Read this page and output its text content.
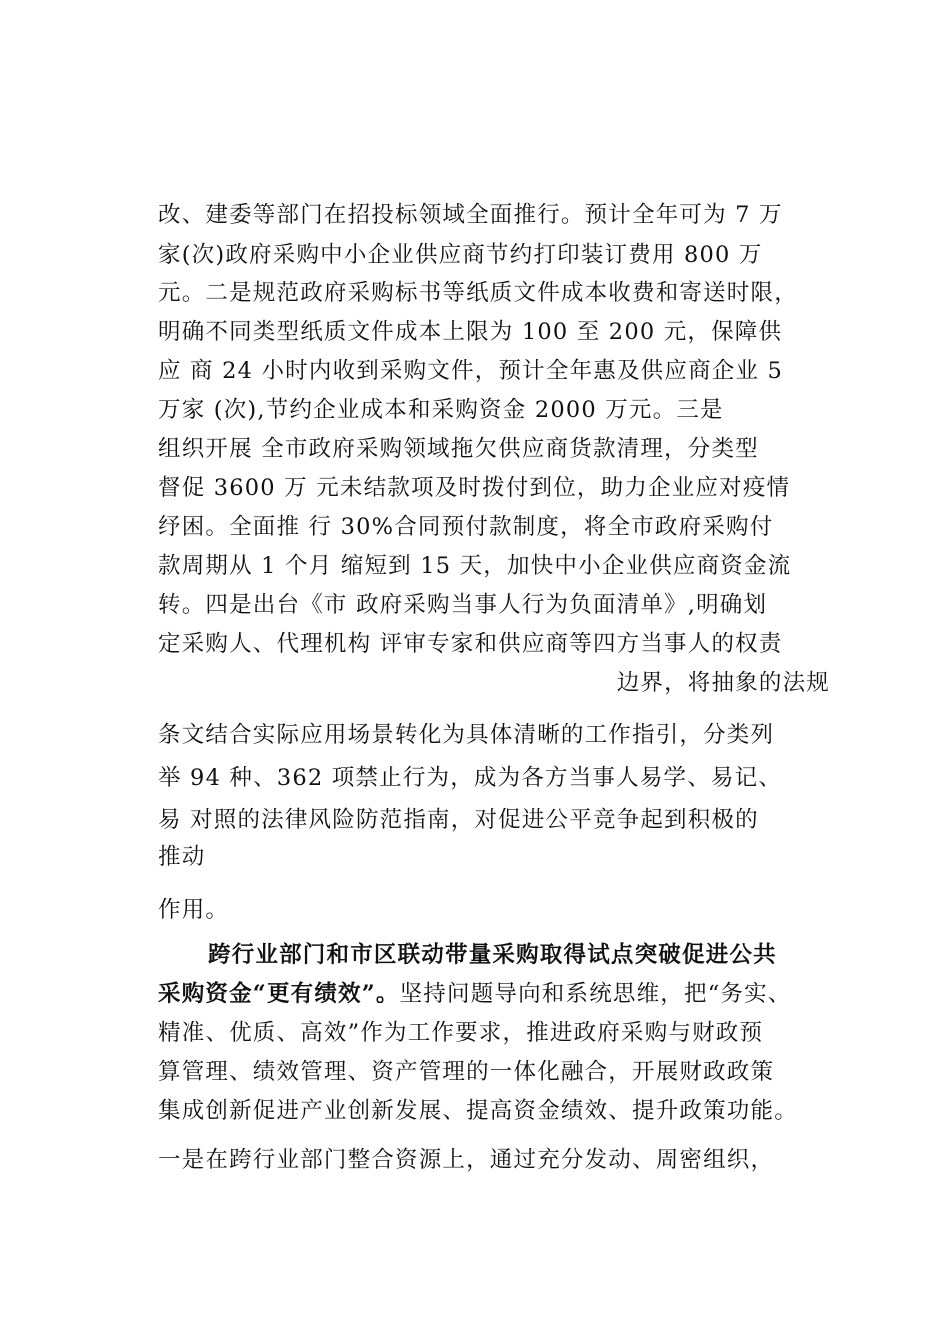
改、建委等部门在招投标领域全面推行。预计全年可为 7 万
家(次)政府采购中小企业供应商节约打印装订费用 800 万
元。二是规范政府采购标书等纸质文件成本收费和寄送时限，
明确不同类型纸质文件成本上限为 100 至 200 元，保障供
应 商 24 小时内收到采购文件，预计全年惠及供应商企业 5
万家 (次),节约企业成本和采购资金 2000 万元。三是
组织开展 全市政府采购领域拖欠供应商货款清理，分类型
督促 3600 万 元未结款项及时拨付到位，助力企业应对疫情
纾困。全面推 行 30%合同预付款制度，将全市政府采购付
款周期从 1 个月 缩短到 15 天，加快中小企业供应商资金流
转。四是出台《市 政府采购当事人行为负面清单》,明确划
定采购人、代理机构 评审专家和供应商等四方当事人的权责
边界，将抽象的法规
条文结合实际应用场景转化为具体清晰的工作指引，分类列
举 94 种、362 项禁止行为，成为各方当事人易学、易记、
易 对照的法律风险防范指南，对促进公平竞争起到积极的
推动
作用。
跨行业部门和市区联动带量采购取得试点突破促进公共
采购资金“更有绩效”。坚持问题导向和系统思维，把“务实、
精准、优质、高效”作为工作要求，推进政府采购与财政预
算管理、绩效管理、资产管理的一体化融合，开展财政政策
集成创新促进产业创新发展、提高资金绩效、提升政策功能。
一是在跨行业部门整合资源上，通过充分发动、周密组织，
